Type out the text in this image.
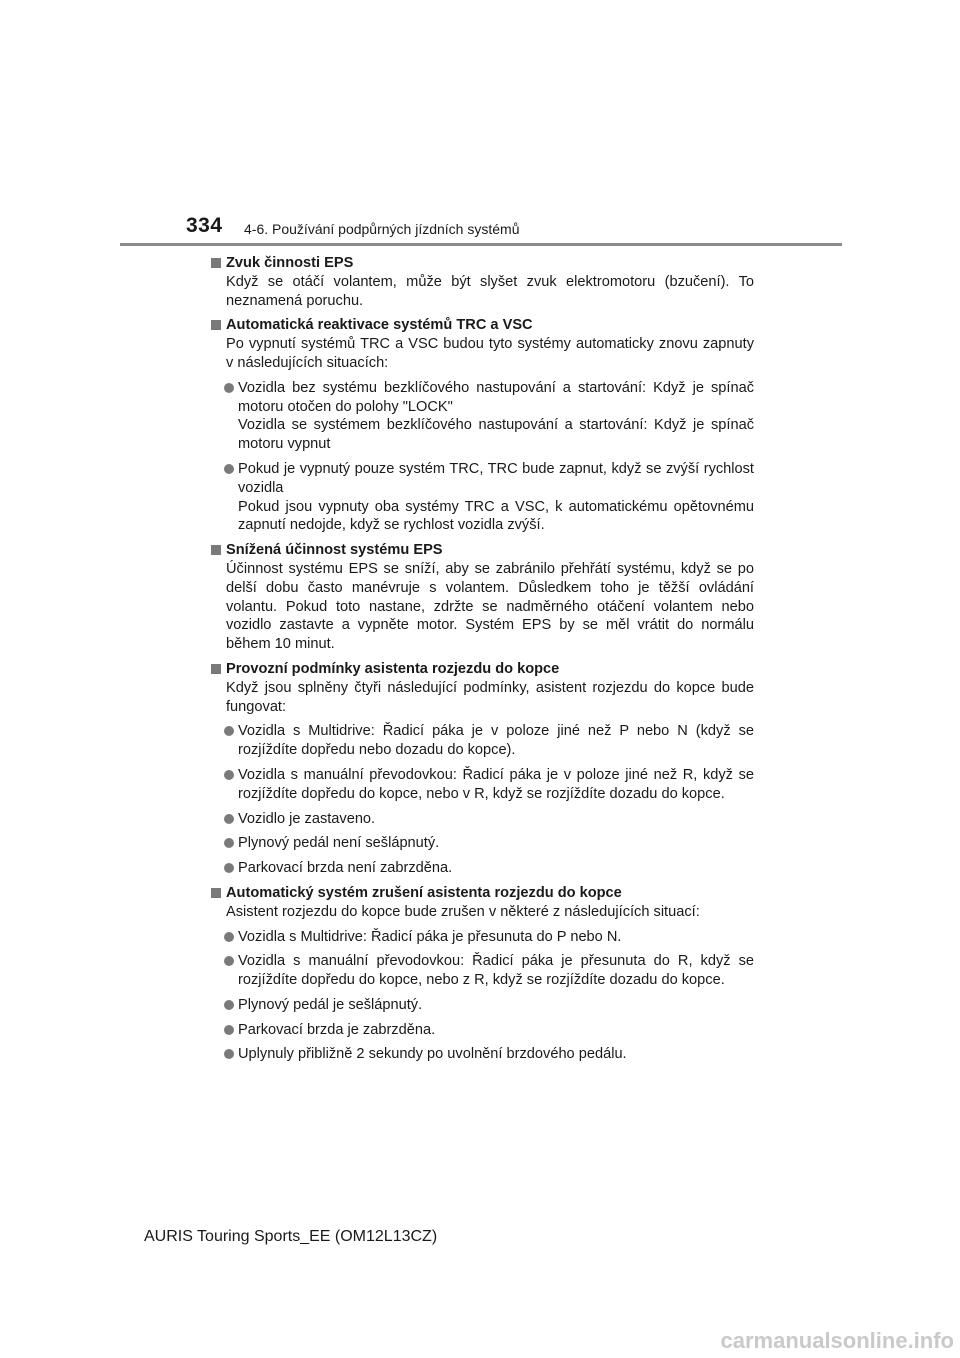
334 4-6. Používání podpůrných jízdních systémů
Zvuk činnosti EPS
Když se otáčí volantem, může být slyšet zvuk elektromotoru (bzučení). To neznamená poruchu.
Automatická reaktivace systémů TRC a VSC
Po vypnutí systémů TRC a VSC budou tyto systémy automaticky znovu zapnuty v následujících situacích:
Vozidla bez systému bezklíčového nastupování a startování: Když je spínač motoru otočen do polohy "LOCK"
Vozidla se systémem bezklíčového nastupování a startování: Když je spínač motoru vypnut
Pokud je vypnutý pouze systém TRC, TRC bude zapnut, když se zvýší rychlost vozidla
Pokud jsou vypnuty oba systémy TRC a VSC, k automatickému opětovnému zapnutí nedojde, když se rychlost vozidla zvýší.
Snížená účinnost systému EPS
Účinnost systému EPS se sníží, aby se zabránilo přehřátí systému, když se po delší dobu často manévruje s volantem. Důsledkem toho je těžší ovládání volantu. Pokud toto nastane, zdržte se nadměrného otáčení volantem nebo vozidlo zastavte a vypněte motor. Systém EPS by se měl vrátit do normálu během 10 minut.
Provozní podmínky asistenta rozjezdu do kopce
Když jsou splněny čtyři následující podmínky, asistent rozjezdu do kopce bude fungovat:
Vozidla s Multidrive: Řadicí páka je v poloze jiné než P nebo N (když se rozjíždíte dopředu nebo dozadu do kopce).
Vozidla s manuální převodovkou: Řadicí páka je v poloze jiné než R, když se rozjíždíte dopředu do kopce, nebo v R, když se rozjíždíte dozadu do kopce.
Vozidlo je zastaveno.
Plynový pedál není sešlápnutý.
Parkovací brzda není zabrzděna.
Automatický systém zrušení asistenta rozjezdu do kopce
Asistent rozjezdu do kopce bude zrušen v některé z následujících situací:
Vozidla s Multidrive: Řadicí páka je přesunuta do P nebo N.
Vozidla s manuální převodovkou: Řadicí páka je přesunuta do R, když se rozjíždíte dopředu do kopce, nebo z R, když se rozjíždíte dozadu do kopce.
Plynový pedál je sešlápnutý.
Parkovací brzda je zabrzděna.
Uplynuly přibližně 2 sekundy po uvolnění brzdového pedálu.
AURIS Touring Sports_EE (OM12L13CZ)
carmanualsonline.info
